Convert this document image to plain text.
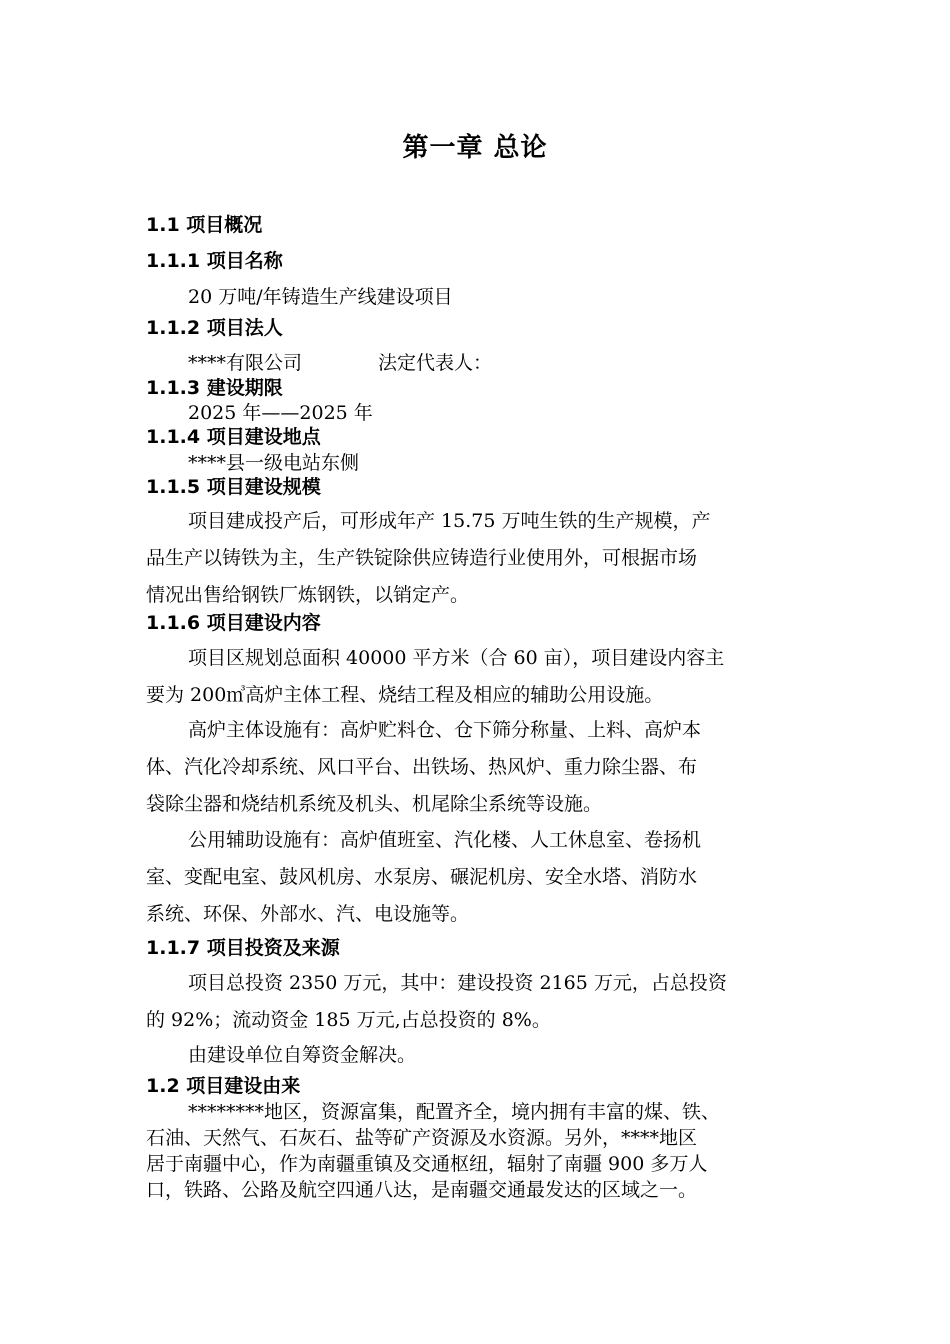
第一章 总论
1.1 项目概况
1.1.1 项目名称
20 万吨/年铸造生产线建设项目
1.1.2 项目法人
****有限公司	法定代表人：
1.1.3 建设期限
2025 年——2025 年
1.1.4 项目建设地点
****县一级电站东侧
1.1.5 项目建设规模
项目建成投产后，可形成年产 15.75 万吨生铁的生产规模，产
品生产以铸铁为主，生产铁锭除供应铸造行业使用外，可根据市场
情况出售给钢铁厂炼钢铁，以销定产。
1.1.6 项目建设内容
项目区规划总面积 40000 平方米（合 60 亩），项目建设内容主
要为 200㎥高炉主体工程、烧结工程及相应的辅助公用设施。
高炉主体设施有：高炉贮料仓、仓下筛分称量、上料、高炉本
体、汽化冷却系统、风口平台、出铁场、热风炉、重力除尘器、布
袋除尘器和烧结机系统及机头、机尾除尘系统等设施。
公用辅助设施有：高炉值班室、汽化楼、人工休息室、卷扬机
室、变配电室、鼓风机房、水泵房、碾泥机房、安全水塔、消防水
系统、环保、外部水、汽、电设施等。
1.1.7 项目投资及来源
项目总投资 2350 万元，其中：建设投资 2165 万元，占总投资
的 92%；流动资金 185 万元,占总投资的 8%。
由建设单位自筹资金解决。
1.2 项目建设由来
********地区，资源富集，配置齐全，境内拥有丰富的煤、铁、
石油、天然气、石灰石、盐等矿产资源及水资源。另外，****地区
居于南疆中心，作为南疆重镇及交通枢纽，辐射了南疆 900 多万人
口，铁路、公路及航空四通八达，是南疆交通最发达的区域之一。
